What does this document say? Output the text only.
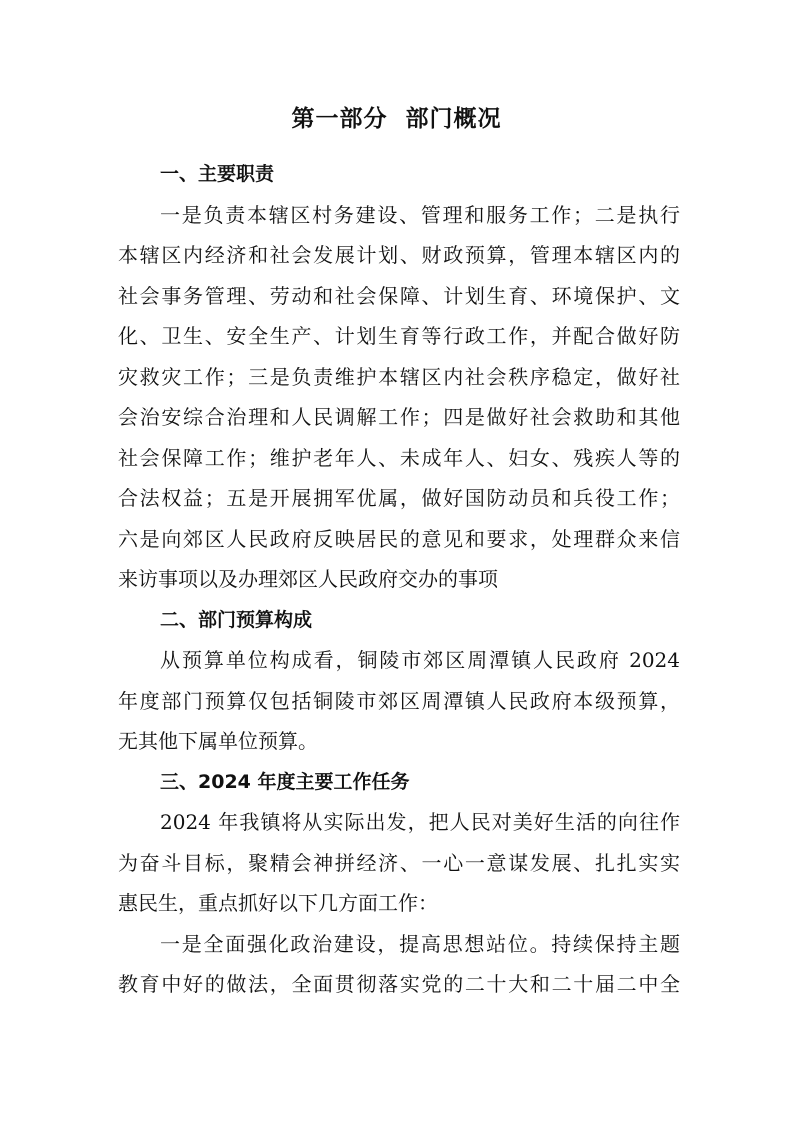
第一部分  部门概况
一、主要职责
一是负责本辖区村务建设、管理和服务工作；二是执行
本辖区内经济和社会发展计划、财政预算，管理本辖区内的
社会事务管理、劳动和社会保障、计划生育、环境保护、文
化、卫生、安全生产、计划生育等行政工作，并配合做好防
灾救灾工作；三是负责维护本辖区内社会秩序稳定，做好社
会治安综合治理和人民调解工作；四是做好社会救助和其他
社会保障工作；维护老年人、未成年人、妇女、残疾人等的
合法权益；五是开展拥军优属，做好国防动员和兵役工作；
六是向郊区人民政府反映居民的意见和要求，处理群众来信
来访事项以及办理郊区人民政府交办的事项
二、部门预算构成
从预算单位构成看，铜陵市郊区周潭镇人民政府 2024
年度部门预算仅包括铜陵市郊区周潭镇人民政府本级预算，
无其他下属单位预算。
三、2024 年度主要工作任务
2024 年我镇将从实际出发，把人民对美好生活的向往作
为奋斗目标，聚精会神拼经济、一心一意谋发展、扎扎实实
惠民生，重点抓好以下几方面工作：
一是全面强化政治建设，提高思想站位。持续保持主题
教育中好的做法，全面贯彻落实党的二十大和二十届二中全
